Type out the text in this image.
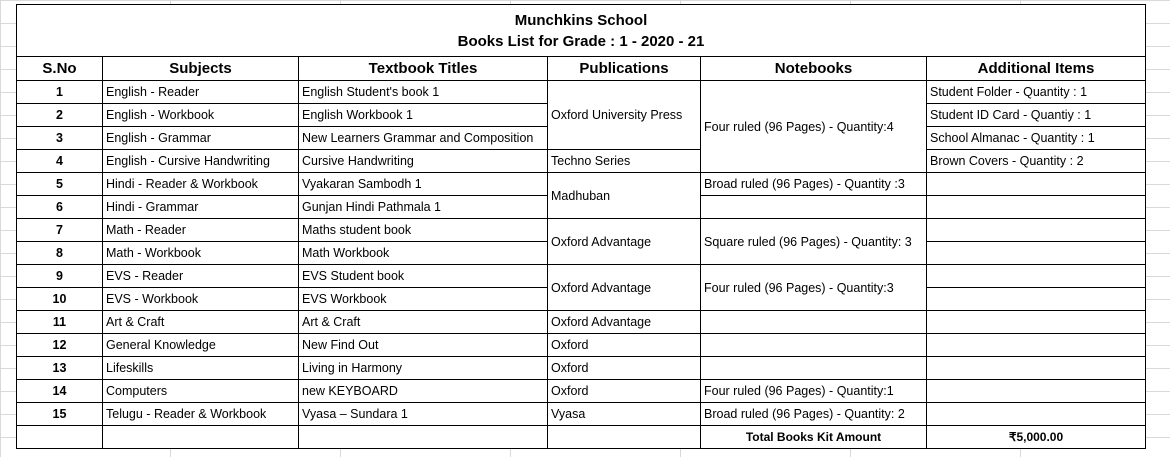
Munchkins School
Books List for Grade : 1 - 2020 - 21					

S.No	Subjects	Textbook Titles	Publications	Notebooks	Additional Items
1	English - Reader	English Student's book 1	Oxford University Press	Four ruled (96 Pages) - Quantity:4	Student Folder - Quantity : 1
2	English - Workbook	English Workbook 1			Student ID Card - Quantiy : 1
3	English - Grammar	New Learners Grammar and Composition			School Almanac - Quantity : 1
4	English - Cursive Handwriting	Cursive Handwriting	Techno Series		Brown Covers - Quantity : 2
5	Hindi - Reader & Workbook	Vyakaran Sambodh 1	Madhuban	Broad ruled (96 Pages) - Quantity :3	
6	Hindi - Grammar	Gunjan Hindi Pathmala 1			
7	Math - Reader	Maths student book	Oxford Advantage	Square ruled (96 Pages) - Quantity: 3	
8	Math - Workbook	Math Workbook			
9	EVS - Reader	EVS Student book	Oxford Advantage	Four ruled (96 Pages) - Quantity:3	
10	EVS - Workbook	EVS Workbook			
11	Art & Craft	Art & Craft	Oxford Advantage		
12	General Knowledge	New Find Out	Oxford		
13	Lifeskills	Living in Harmony	Oxford		
14	Computers	new KEYBOARD	Oxford	Four ruled (96 Pages) - Quantity:1	
15	Telugu - Reader & Workbook	Vyasa – Sundara 1	Vyasa	Broad ruled (96 Pages) - Quantity: 2	
				Total Books Kit Amount	₹5,000.00
